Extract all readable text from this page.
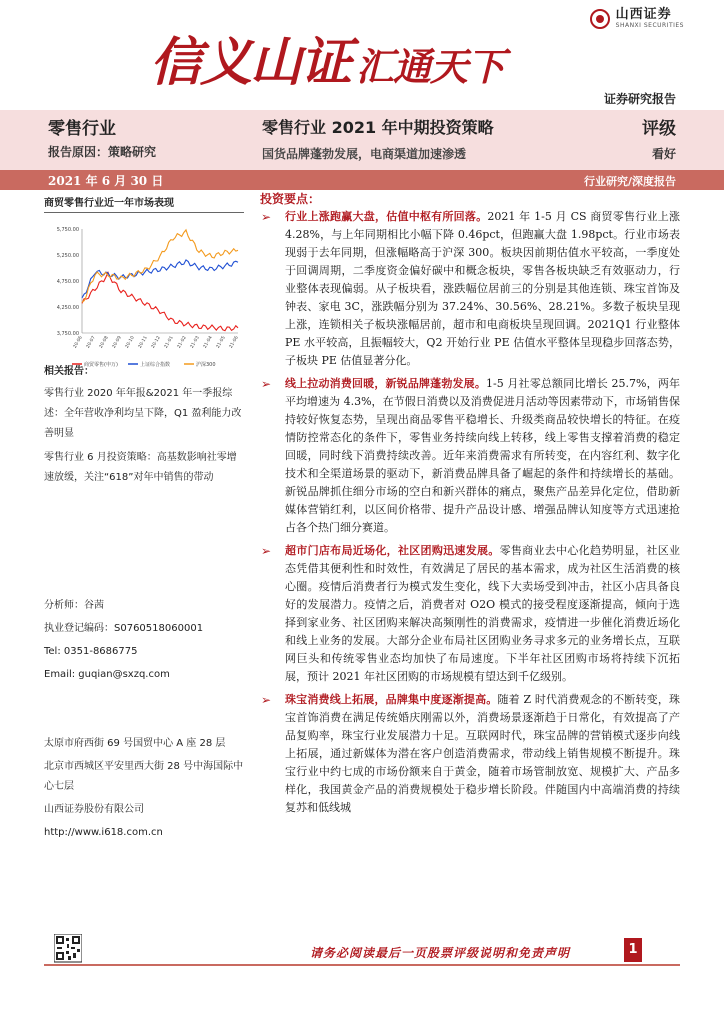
信义山证 汇通天下
证券研究报告
山西证券
SHANXI SECURITIES
零售行业	零售行业 2021 年中期投资策略	评级
报告原因：策略研究	国货品牌蓬勃发展，电商渠道加速渗透	看好
2021 年 6 月 30 日	行业研究/深度报告
商贸零售行业近一年市场表现
5,750.00
5,250.00
4,750.00
4,250.00
3,750.00
20-06 20-07 20-08 20-09 20-10 20-11 20-12 21-01 21-02 21-03 21-04 21-05 21-06
商贸零售(申万)	上证综合指数	沪深300
相关报告：
零售行业 2020 年年报&2021 年一季报综述：全年营收净利均呈下降，Q1 盈利能力改善明显
零售行业 6 月投资策略：高基数影响社零增速放缓，关注“618”对年中销售的带动
分析师：谷茜
执业登记编码：S0760518060001
Tel: 0351-8686775
Email: guqian@sxzq.com
太原市府西街 69 号国贸中心 A 座 28 层
北京市西城区平安里西大街 28 号中海国际中心七层
山西证券股份有限公司
http://www.i618.com.cn
投资要点：
➢ 行业上涨跑赢大盘，估值中枢有所回落。2021 年 1-5 月 CS 商贸零售行业上涨 4.28%，与上年同期相比小幅下降 0.46pct，但跑赢大盘 1.98pct。行业市场表现弱于去年同期，但涨幅略高于沪深 300。板块因前期估值水平较高，一季度处于回调周期，二季度资金偏好碳中和概念板块，零售各板块缺乏有效驱动力，行业整体表现偏弱。从子板块看，涨跌幅位居前三的分别是其他连锁、珠宝首饰及钟表、家电 3C，涨跌幅分别为 37.24%、30.56%、28.21%。多数子板块呈现上涨，连锁相关子板块涨幅居前，超市和电商板块呈现回调。2021Q1 行业整体 PE 水平较高，且振幅较大，Q2 开始行业 PE 估值水平整体呈现稳步回落态势，子板块 PE 估值显著分化。
➢ 线上拉动消费回暖，新锐品牌蓬勃发展。1-5 月社零总额同比增长 25.7%，两年平均增速为 4.3%，在节假日消费以及消费促进月活动等因素带动下，市场销售保持较好恢复态势，呈现出商品零售平稳增长、升级类商品较快增长的特征。在疫情防控常态化的条件下，零售业务持续向线上转移，线上零售支撑着消费的稳定回暖，同时线下消费持续改善。近年来消费需求有所转变，在内容红利、数字化技术和全渠道场景的驱动下，新消费品牌具备了崛起的条件和持续增长的基础。新锐品牌抓住细分市场的空白和新兴群体的痛点，聚焦产品差异化定位，借助新媒体营销红利，以区间价格带、提升产品设计感、增强品牌认知度等方式迅速抢占各个热门细分赛道。
➢ 超市门店布局近场化，社区团购迅速发展。零售商业去中心化趋势明显，社区业态凭借其便利性和时效性，有效满足了居民的基本需求，成为社区生活消费的核心圈。疫情后消费者行为模式发生变化，线下大卖场受到冲击，社区小店具备良好的发展潜力。疫情之后，消费者对 O2O 模式的接受程度逐渐提高，倾向于选择到家业务、社区团购来解决高频刚性的消费需求，疫情进一步催化消费近场化和线上业务的发展。大部分企业布局社区团购业务寻求多元的业务增长点，互联网巨头和传统零售业态均加快了布局速度。下半年社区团购市场将持续下沉拓展，预计 2021 年社区团购的市场规模有望达到千亿级别。
➢ 珠宝消费线上拓展，品牌集中度逐渐提高。随着 Z 时代消费观念的不断转变，珠宝首饰消费在满足传统婚庆刚需以外，消费场景逐渐趋于日常化，有效提高了产品复购率，珠宝行业发展潜力十足。互联网时代，珠宝品牌的营销模式逐步向线上拓展，通过新媒体为潜在客户创造消费需求，带动线上销售规模不断提升。珠宝行业中约七成的市场份额来自于黄金，随着市场管制放宽、规模扩大、产品多样化，我国黄金产品的消费规模处于稳步增长阶段。伴随国内中高端消费的持续复苏和低线城
请务必阅读最后一页股票评级说明和免责声明	1
